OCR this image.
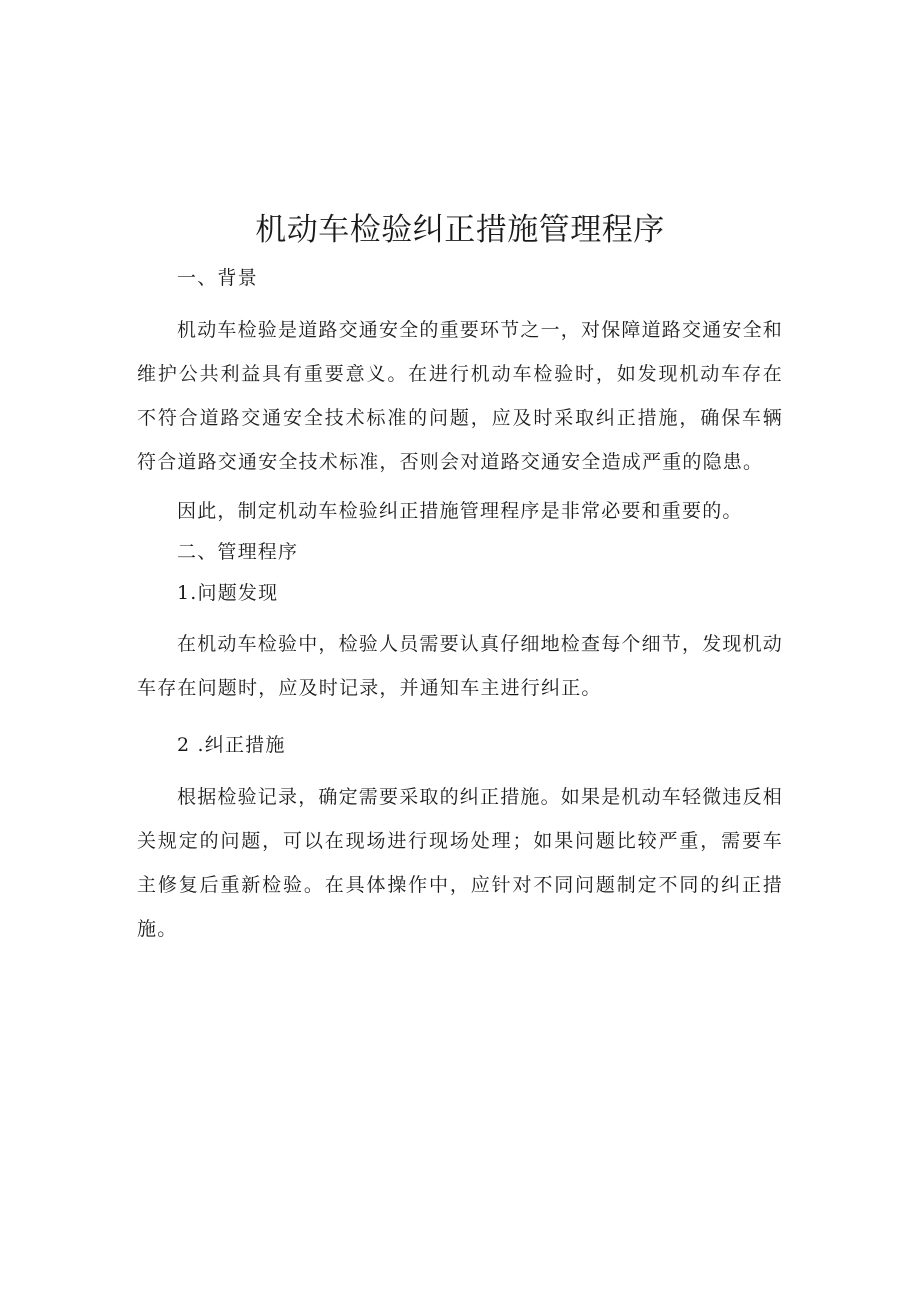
机动车检验纠正措施管理程序

一、背景

机动车检验是道路交通安全的重要环节之一，对保障道路交通安全和维护公共利益具有重要意义。在进行机动车检验时，如发现机动车存在不符合道路交通安全技术标准的问题，应及时采取纠正措施，确保车辆符合道路交通安全技术标准，否则会对道路交通安全造成严重的隐患。

因此，制定机动车检验纠正措施管理程序是非常必要和重要的。

二、管理程序

1.问题发现

在机动车检验中，检验人员需要认真仔细地检查每个细节，发现机动车存在问题时，应及时记录，并通知车主进行纠正。

2 .纠正措施

根据检验记录，确定需要采取的纠正措施。如果是机动车轻微违反相关规定的问题，可以在现场进行现场处理；如果问题比较严重，需要车主修复后重新检验。在具体操作中，应针对不同问题制定不同的纠正措施。
